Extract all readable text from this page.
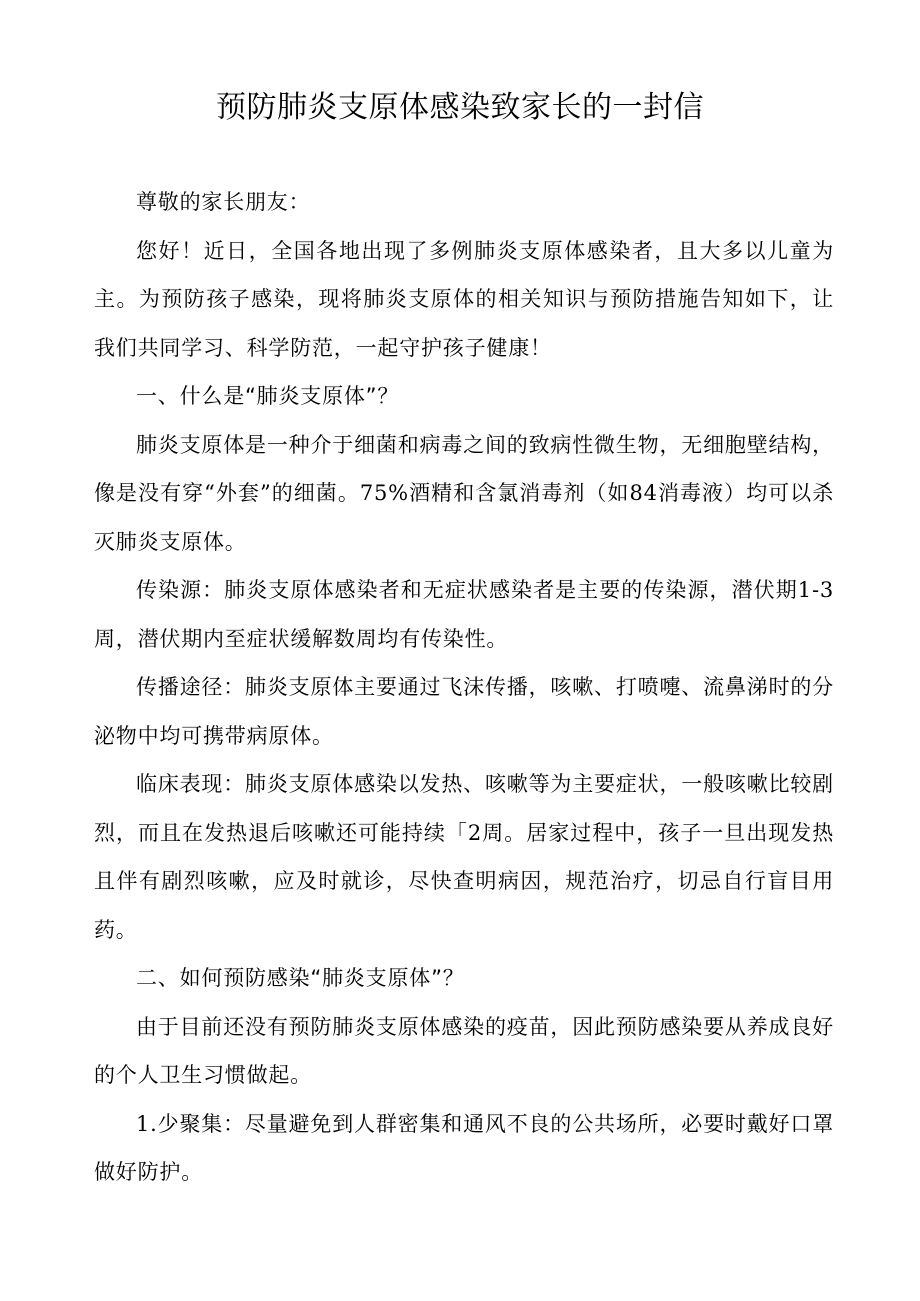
预防肺炎支原体感染致家长的一封信

尊敬的家长朋友：

您好！近日，全国各地出现了多例肺炎支原体感染者，且大多以儿童为主。为预防孩子感染，现将肺炎支原体的相关知识与预防措施告知如下，让我们共同学习、科学防范，一起守护孩子健康！

一、什么是“肺炎支原体”？

肺炎支原体是一种介于细菌和病毒之间的致病性微生物，无细胞壁结构，像是没有穿“外套”的细菌。75%酒精和含氯消毒剂（如84消毒液）均可以杀灭肺炎支原体。

传染源：肺炎支原体感染者和无症状感染者是主要的传染源，潜伏期1-3周，潜伏期内至症状缓解数周均有传染性。

传播途径：肺炎支原体主要通过飞沫传播，咳嗽、打喷嚏、流鼻涕时的分泌物中均可携带病原体。

临床表现：肺炎支原体感染以发热、咳嗽等为主要症状，一般咳嗽比较剧烈，而且在发热退后咳嗽还可能持续「2周。居家过程中，孩子一旦出现发热且伴有剧烈咳嗽，应及时就诊，尽快查明病因，规范治疗，切忌自行盲目用药。

二、如何预防感染“肺炎支原体”？

由于目前还没有预防肺炎支原体感染的疫苗，因此预防感染要从养成良好的个人卫生习惯做起。

1.少聚集：尽量避免到人群密集和通风不良的公共场所，必要时戴好口罩做好防护。
